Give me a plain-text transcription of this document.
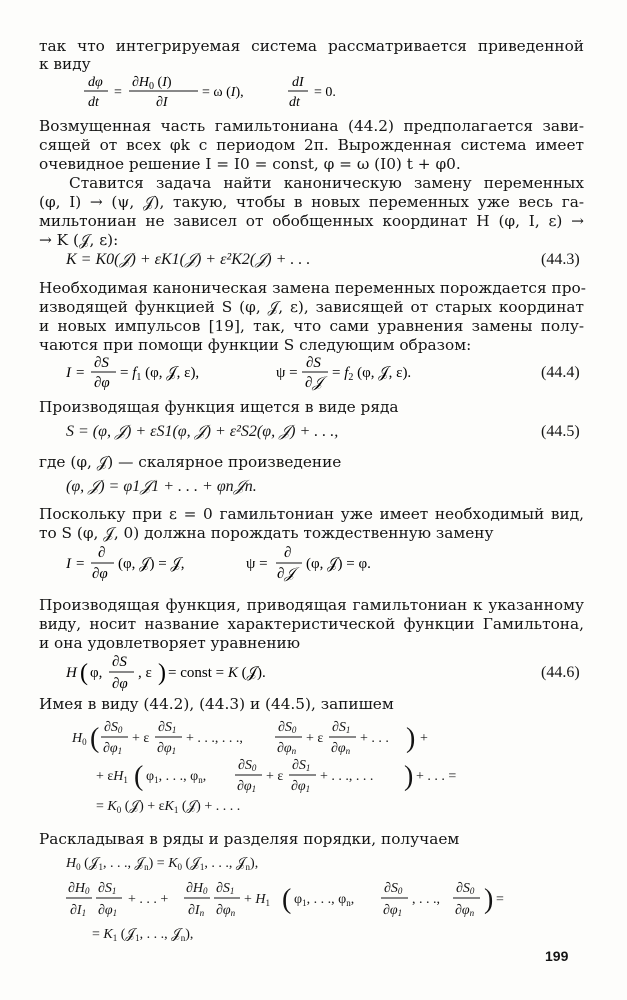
так что интегрируемая система рассматривается приведенной
к виду
dφ
dt
=
$\partial H_0$ (I)
∂I
= ω (I),
dI
dt
= 0.
Возмущенная часть гамильтониана (44.2) предполагается зави-
сящей от всех φk с периодом 2π. Вырожденная система имеет
очевидное решение I = I0 = const, φ = ω (I0) t + φ0.
Ставится задача найти каноническую замену переменных
(φ, I) → (ψ, 𝒥), такую, чтобы в новых переменных уже весь га-
мильтониан не зависел от обобщенных координат H (φ, I, ε) →
→ K (𝒥, ε):
K = K0(𝒥) + εK1(𝒥) + ε²K2(𝒥) + . . .	(44.3)
Необходимая каноническая замена переменных порождается про-
изводящей функцией S (φ, 𝒥, ε), зависящей от старых координат
и новых импульсов [19], так, что сами уравнения замены полу-
чаются при помощи функции S следующим образом:
I =
∂S
∂φ
= $f_1$ (φ, 𝒥, ε),	ψ =
∂S
∂𝒥
= $f_2$ (φ, 𝒥, ε).	(44.4)
Производящая функция ищется в виде ряда
S = (φ, 𝒥) + εS1(φ, 𝒥) + ε²S2(φ, 𝒥) + . . .,	(44.5)
где (φ, 𝒥) — скалярное произведение
(φ, 𝒥) = φ1𝒥1 + . . . + φn𝒥n.
Поскольку при ε = 0 гамильтониан уже имеет необходимый вид,
то S (φ, 𝒥, 0) должна порождать тождественную замену
I =
∂
∂φ
(φ, 𝒥) = 𝒥,	ψ =
∂
∂𝒥
(φ, 𝒥) = φ.
Производящая функция, приводящая гамильтониан к указанному
виду, носит название характеристической функции Гамильтона,
и она удовлетворяет уравнению
H ( φ,
∂S
∂φ
, ε ) = const = K (𝒥).	(44.6)
Имея в виду (44.2), (44.3) и (44.5), запишем
$H_0$ ( ∂S0
∂φ1
+ ε
∂S1
∂φ1
+ . . ., . . .,
∂S0
∂φn
+ ε
∂S1
∂φn
+ . . . ) +
+ $\varepsilon H_1$ ( $\varphi_1$, . . ., $\varphi_n$,
∂S0
∂φ1
+ ε
∂S1
∂φ1
+ . . ., . . . ) + . . . =
= $K_0$ (𝒥) + $\varepsilon K_1$ (𝒥) + . . . .
Раскладывая в ряды и разделяя порядки, получаем
$H_0$ (𝒥$_1$, . . ., 𝒥$_n$) = $K_0$ (𝒥$_1$, . . ., 𝒥$_n$),
∂H0
∂I1
∂S1
∂φ1
+ . . . +
∂H0
∂In
∂S1
∂φn
+ $H_1$ ( $\varphi_1$, . . ., $\varphi_n$,
∂S0
∂φ1
, . . .,
∂S0
∂φn ) =
= $K_1$ (𝒥$_1$, . . ., 𝒥$_n$),
199
